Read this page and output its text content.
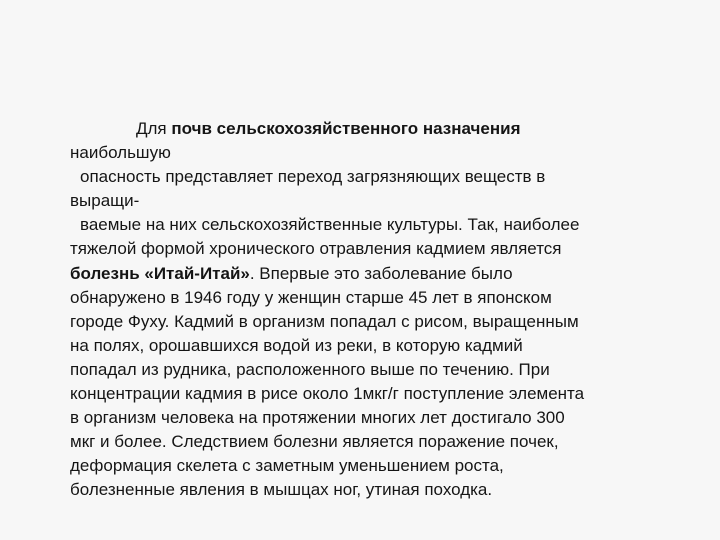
Для почв сельскохозяйственного назначения
наибольшую
опасность представляет переход загрязняющих веществ в
выращи-
ваемые на них сельскохозяйственные культуры. Так, наиболее
тяжелой формой хронического отравления кадмием является
болезнь «Итай-Итай». Впервые это заболевание было
обнаружено в 1946 году у женщин старше 45 лет в японском
городе Фуху. Кадмий в организм попадал с рисом, выращенным
на полях, орошавшихся водой из реки, в которую кадмий
попадал из рудника, расположенного выше по течению. При
концентрации кадмия в рисе около 1мкг/г поступление элемента
в организм человека на протяжении многих лет достигало 300
мкг и более. Следствием болезни является поражение почек,
деформация скелета с заметным уменьшением роста,
болезненные явления в мышцах ног, утиная походка.
